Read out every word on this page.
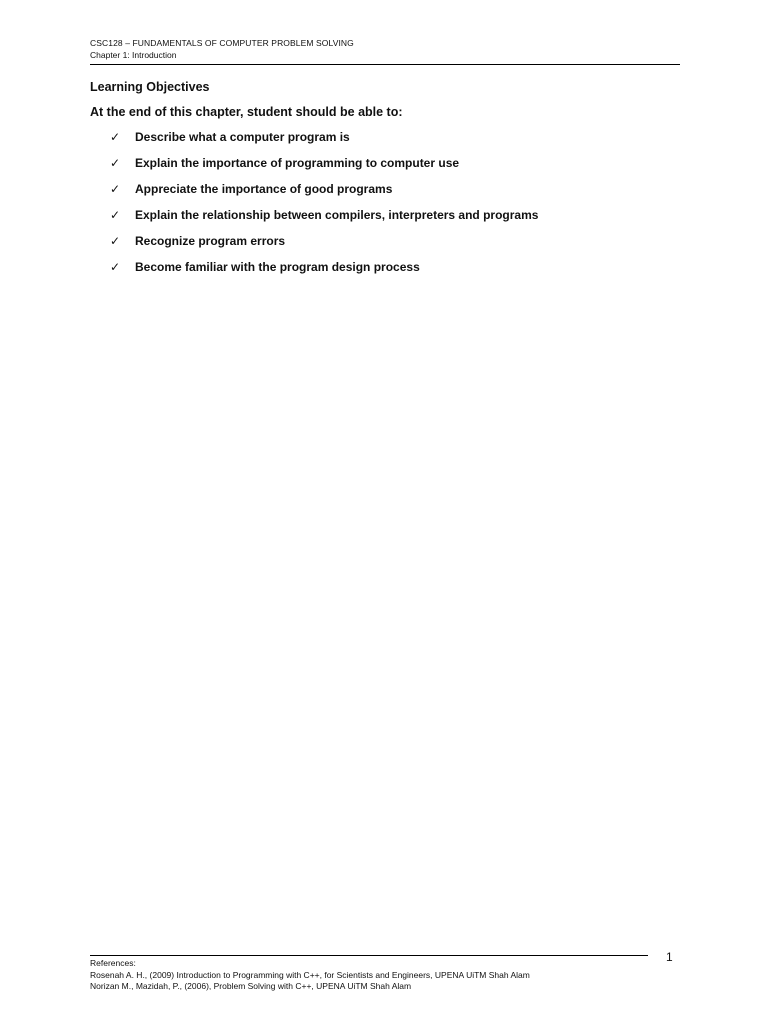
CSC128 – FUNDAMENTALS OF COMPUTER PROBLEM SOLVING
Chapter 1: Introduction
Learning Objectives
At the end of this chapter, student should be able to:
✓	Describe what a computer program is
✓	Explain the importance of programming to computer use
✓	Appreciate the importance of good programs
✓	Explain the relationship between compilers, interpreters and programs
✓	Recognize program errors
✓	Become familiar with the program design process
1
References:
Rosenah A. H., (2009) Introduction to Programming with C++, for Scientists and Engineers, UPENA UiTM Shah Alam
Norizan M., Mazidah, P., (2006), Problem Solving with C++, UPENA UiTM Shah Alam
